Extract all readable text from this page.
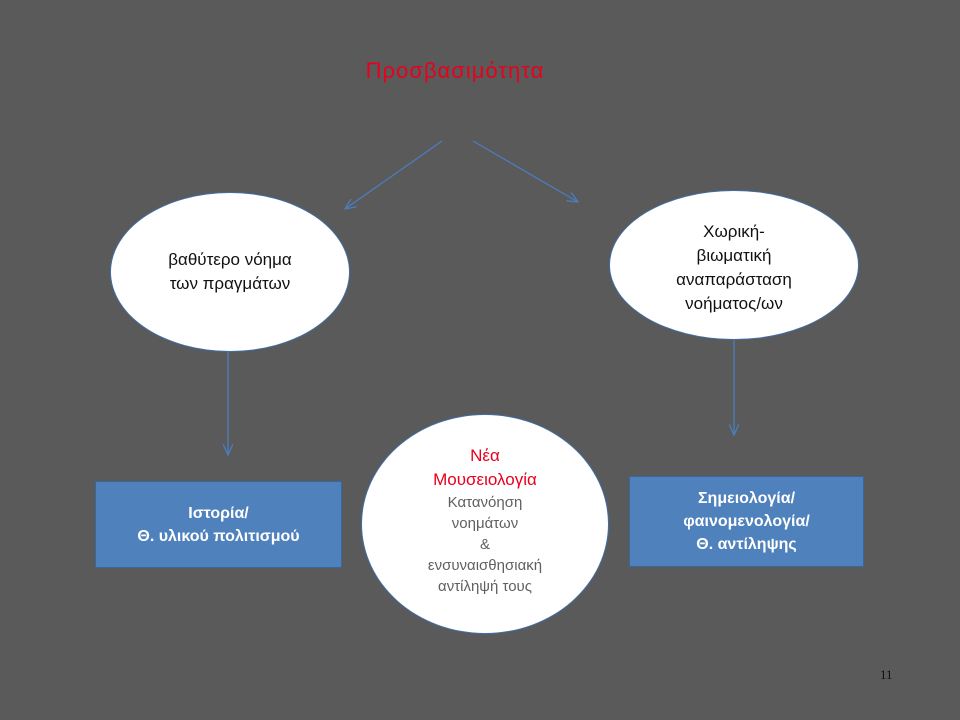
Προσβασιμότητα
βαθύτερο νόημα
των πραγμάτων
Χωρική-
βιωματική
αναπαράσταση
νοήματος/ων
Νέα
Μουσειολογία
Κατανόηση
νοημάτων
&
ενσυναισθησιακή
αντίληψή τους
Ιστορία/
Θ. υλικού πολιτισμού
Σημειολογία/
φαινομενολογία/
Θ. αντίληψης
11
